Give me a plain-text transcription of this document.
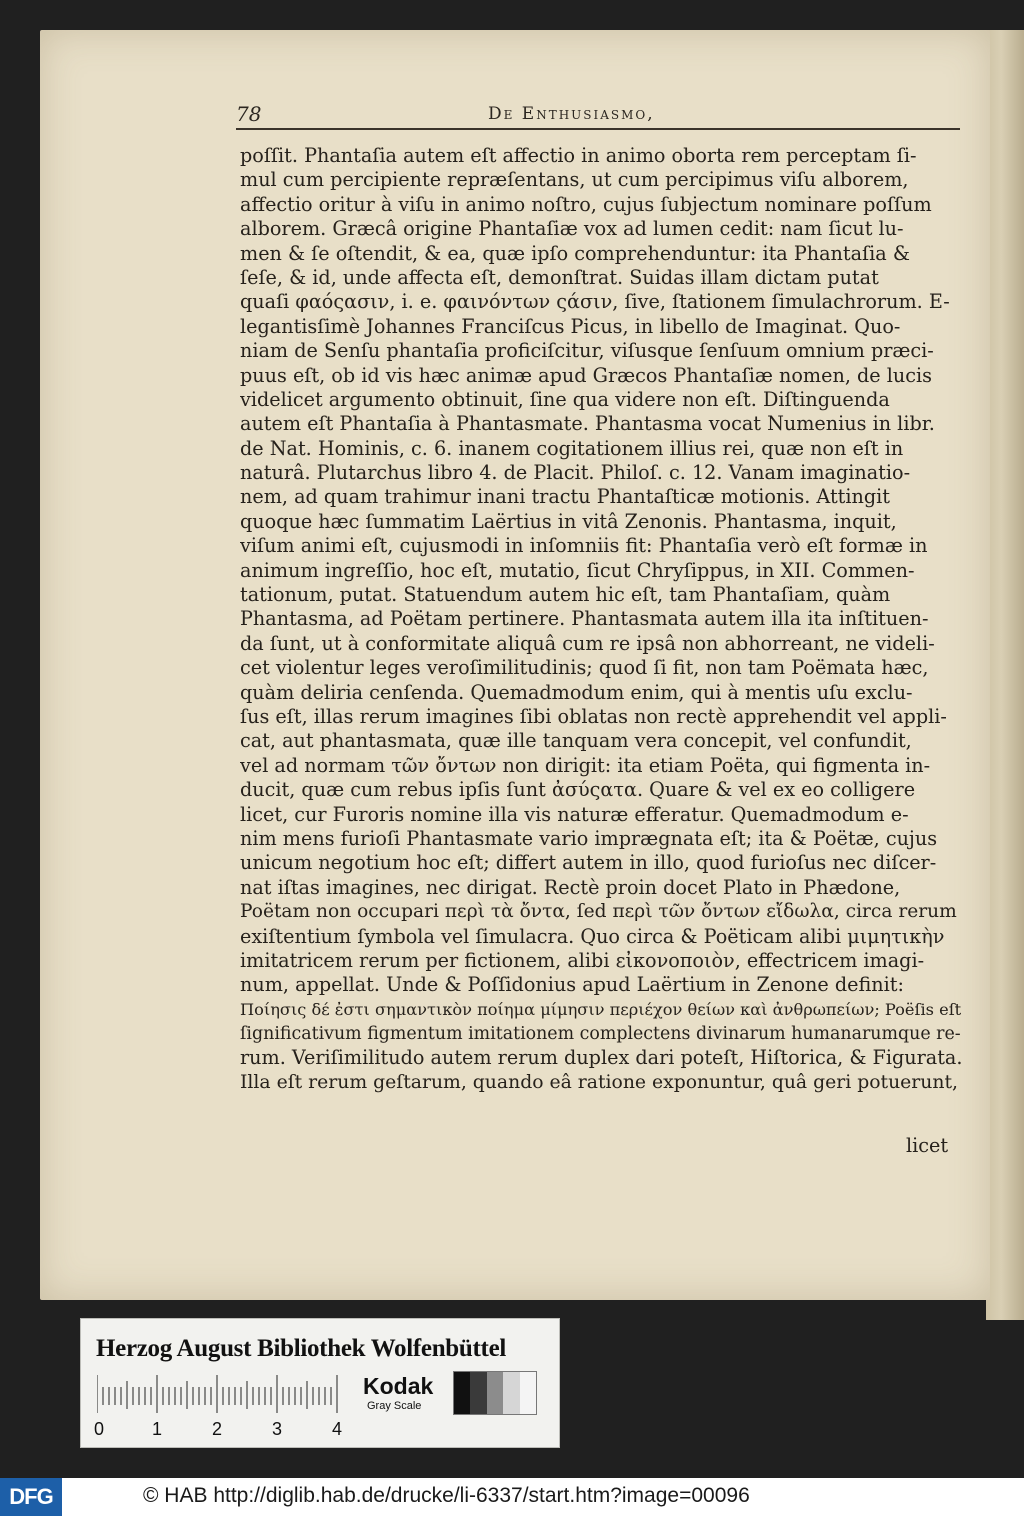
78	De Enthusiasmo,
poſſit. Phantaſia autem eſt affectio in animo oborta rem perceptam ſi-
mul cum percipiente repræſentans, ut cum percipimus viſu alborem,
affectio oritur à viſu in animo noſtro, cujus ſubjectum nominare poſſum
alborem. Græcâ origine Phantaſiæ vox ad lumen cedit: nam ſicut lu-
men & ſe oſtendit, & ea, quæ ipſo comprehenduntur: ita Phantaſia &
ſeſe, & id, unde affecta eſt, demonſtrat. Suidas illam dictam putat
quaſi φαόςασιν, i. e. φαινόντων ςάσιν, ſive, ſtationem ſimulachrorum. E-
legantisſimè Johannes Franciſcus Picus, in libello de Imaginat. Quo-
niam de Senſu phantaſia proficiſcitur, viſusque ſenſuum omnium præci-
puus eſt, ob id vis hæc animæ apud Græcos Phantaſiæ nomen, de lucis
videlicet argumento obtinuit, ſine qua videre non eſt. Diſtinguenda
autem eſt Phantaſia à Phantasmate. Phantasma vocat Numenius in libr.
de Nat. Hominis, c. 6. inanem cogitationem illius rei, quæ non eſt in
naturâ. Plutarchus libro 4. de Placit. Philoſ. c. 12. Vanam imaginatio-
nem, ad quam trahimur inani tractu Phantaſticæ motionis. Attingit
quoque hæc ſummatim Laërtius in vitâ Zenonis. Phantasma, inquit,
viſum animi eſt, cujusmodi in inſomniis fit: Phantaſia verò eſt formæ in
animum ingreſſio, hoc eſt, mutatio, ſicut Chryſippus, in XII. Commen-
tationum, putat. Statuendum autem hic eſt, tam Phantaſiam, quàm
Phantasma, ad Poëtam pertinere. Phantasmata autem illa ita inſtituen-
da ſunt, ut à conformitate aliquâ cum re ipsâ non abhorreant, ne videli-
cet violentur leges veroſimilitudinis; quod ſi fit, non tam Poëmata hæc,
quàm deliria cenſenda. Quemadmodum enim, qui à mentis uſu exclu-
ſus eſt, illas rerum imagines ſibi oblatas non rectè apprehendit vel appli-
cat, aut phantasmata, quæ ille tanquam vera concepit, vel confundit,
vel ad normam τῶν ὄντων non dirigit: ita etiam Poëta, qui figmenta in-
ducit, quæ cum rebus ipſis ſunt ἀσύςατα. Quare & vel ex eo colligere
licet, cur Furoris nomine illa vis naturæ efferatur. Quemadmodum e-
nim mens furioſi Phantasmate vario imprægnata eſt; ita & Poëtæ, cujus
unicum negotium hoc eſt; differt autem in illo, quod furioſus nec diſcer-
nat iſtas imagines, nec dirigat. Rectè proin docet Plato in Phædone,
Poëtam non occupari περὶ τὰ ὄντα, ſed περὶ τῶν ὄντων εἴδωλα, circa rerum
exiſtentium ſymbola vel ſimulacra. Quo circa & Poëticam alibi μιμητικὴν
imitatricem rerum per fictionem, alibi εἰκονοποιὸν, effectricem imagi-
num, appellat. Unde & Poſſidonius apud Laërtium in Zenone definit:
Ποίησις δέ ἐστι σημαντικὸν ποίημα μίμησιν περιέχον θείων καὶ ἀνθρωπείων; Poëſis eſt
ſignificativum figmentum imitationem complectens divinarum humanarumque re-
rum. Veriſimilitudo autem rerum duplex dari poteſt, Hiſtorica, & Figurata.
Illa eſt rerum geſtarum, quando eâ ratione exponuntur, quâ geri potuerunt,
licet
Herzog August Bibliothek Wolfenbüttel
0	1	2	3	4
Kodak
Gray Scale
DFG	© HAB http://diglib.hab.de/drucke/li-6337/start.htm?image=00096
